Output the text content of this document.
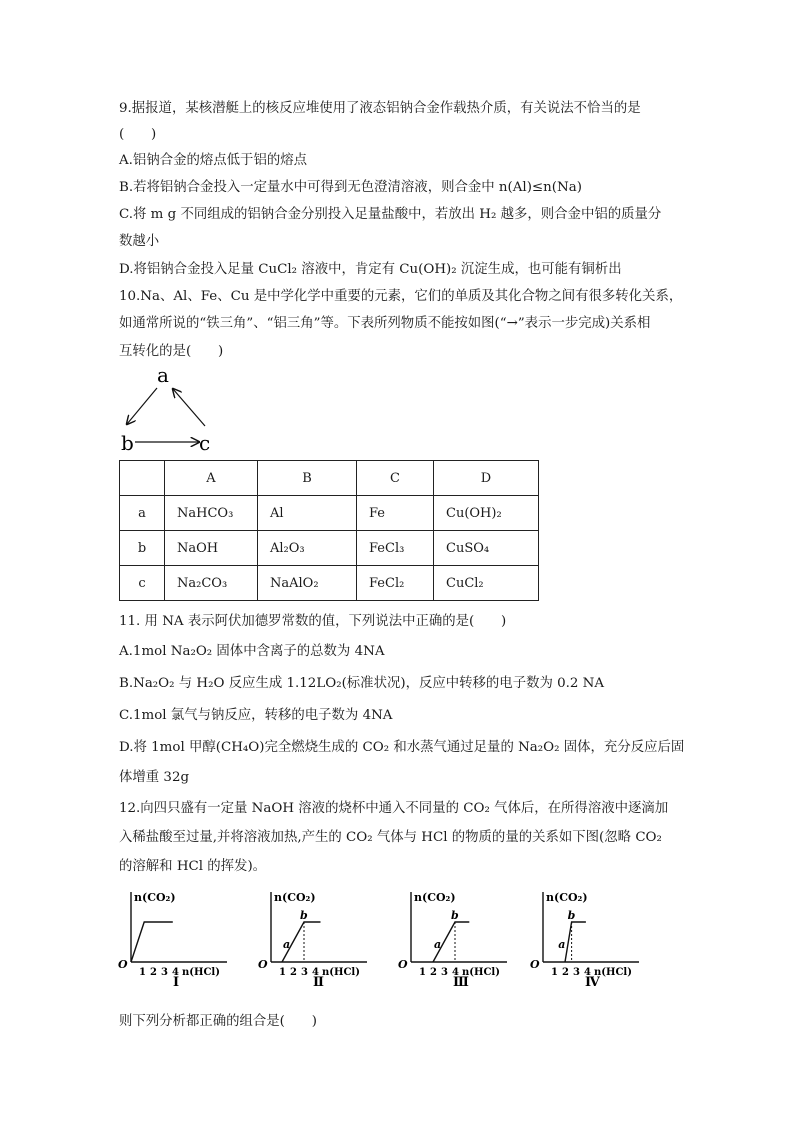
9.据报道，某核潜艇上的核反应堆使用了液态铝钠合金作载热介质，有关说法不恰当的是
(　　)
A.铝钠合金的熔点低于铝的熔点
B.若将铝钠合金投入一定量水中可得到无色澄清溶液，则合金中 n(Al)≤n(Na)
C.将 m g 不同组成的铝钠合金分别投入足量盐酸中，若放出 H₂ 越多，则合金中铝的质量分
数越小
D.将铝钠合金投入足量 CuCl₂ 溶液中，肯定有 Cu(OH)₂ 沉淀生成，也可能有铜析出
10.Na、Al、Fe、Cu 是中学化学中重要的元素，它们的单质及其化合物之间有很多转化关系，
如通常所说的“铁三角”、“铝三角”等。下表所列物质不能按如图(“→”表示一步完成)关系相
互转化的是(　　)
a
b	c
	A	B	C	D
a	NaHCO₃	Al	Fe	Cu(OH)₂
b	NaOH	Al₂O₃	FeCl₃	CuSO₄
c	Na₂CO₃	NaAlO₂	FeCl₂	CuCl₂
11. 用 NA 表示阿伏加德罗常数的值，下列说法中正确的是(　　)
A.1mol Na₂O₂ 固体中含离子的总数为 4NA
B.Na₂O₂ 与 H₂O 反应生成 1.12LO₂(标准状况)，反应中转移的电子数为 0.2 NA
C.1mol 氯气与钠反应，转移的电子数为 4NA
D.将 1mol 甲醇(CH₄O)完全燃烧生成的 CO₂ 和水蒸气通过足量的 Na₂O₂ 固体，充分反应后固
体增重 32g
12.向四只盛有一定量 NaOH 溶液的烧杯中通入不同量的 CO₂ 气体后，在所得溶液中逐滴加
入稀盐酸至过量,并将溶液加热,产生的 CO₂ 气体与 HCl 的物质的量的关系如下图(忽略 CO₂
的溶解和 HCl 的挥发)。
n(CO₂)
O
1 2 3 4 n(HCl)
Ⅰ
n(CO₂)
O
1 2 3 4 n(HCl)
a
b
Ⅱ
n(CO₂)
O
1 2 3 4 n(HCl)
a
b
Ⅲ
n(CO₂)
O
1 2 3 4 n(HCl)
a
b
Ⅳ
则下列分析都正确的组合是(　　)
